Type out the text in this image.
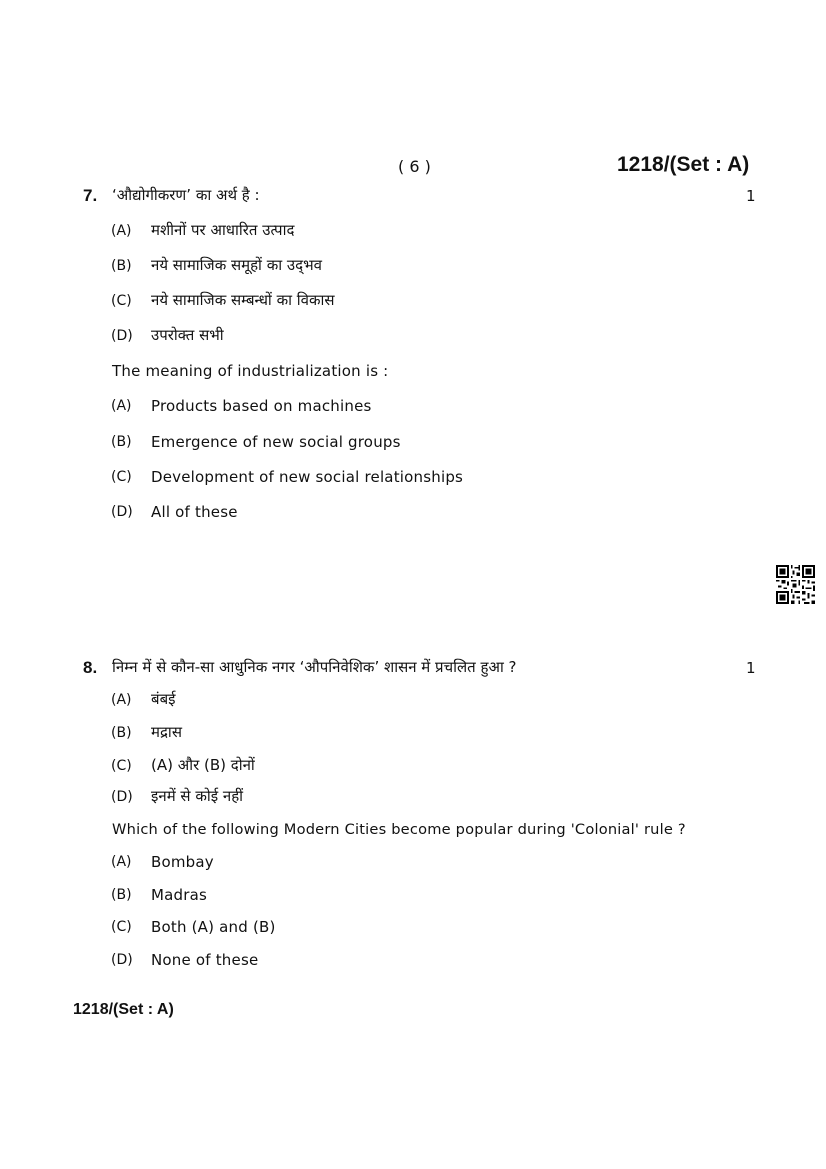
( 6 )	1218/(Set : A)
7. ‘औद्योगीकरण’ का अर्थ है :	1
(A) मशीनों पर आधारित उत्पाद
(B) नये सामाजिक समूहों का उद्‌भव
(C) नये सामाजिक सम्बन्धों का विकास
(D) उपरोक्त सभी
The meaning of industrialization is :
(A) Products based on machines
(B) Emergence of new social groups
(C) Development of new social relationships
(D) All of these
8. निम्न में से कौन-सा आधुनिक नगर ‘औपनिवेशिक’ शासन में प्रचलित हुआ ?	1
(A) बंबई
(B) मद्रास
(C) (A) और (B) दोनों
(D) इनमें से कोई नहीं
Which of the following Modern Cities become popular during 'Colonial' rule ?
(A) Bombay
(B) Madras
(C) Both (A) and (B)
(D) None of these
1218/(Set : A)
